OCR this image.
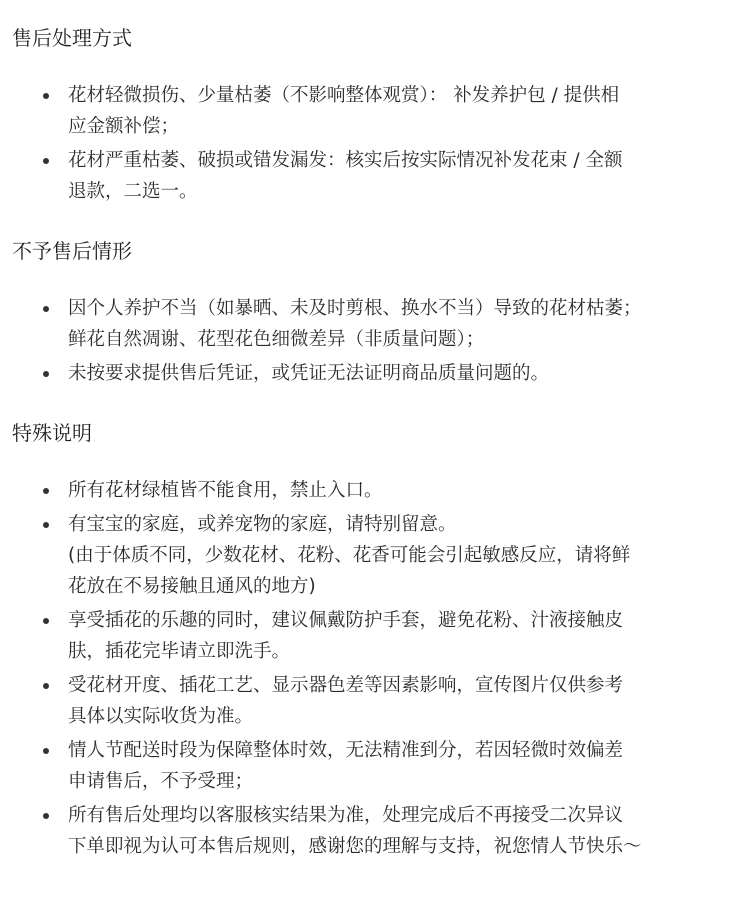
售后处理方式
花材轻微损伤、少量枯萎（不影响整体观赏）： 补发养护包 / 提供相
应金额补偿；
花材严重枯萎、破损或错发漏发：核实后按实际情况补发花束 / 全额
退款，二选一。
不予售后情形
因个人养护不当（如暴晒、未及时剪根、换水不当）导致的花材枯萎；
鲜花自然凋谢、花型花色细微差异（非质量问题）；
未按要求提供售后凭证，或凭证无法证明商品质量问题的。
特殊说明
所有花材绿植皆不能食用，禁止入口。
有宝宝的家庭，或养宠物的家庭，请特别留意。
(由于体质不同，少数花材、花粉、花香可能会引起敏感反应，请将鲜
花放在不易接触且通风的地方)
享受插花的乐趣的同时，建议佩戴防护手套，避免花粉、汁液接触皮
肤，插花完毕请立即洗手。
受花材开度、插花工艺、显示器色差等因素影响，宣传图片仅供参考
具体以实际收货为准。
情人节配送时段为保障整体时效，无法精准到分，若因轻微时效偏差
申请售后，不予受理；
所有售后处理均以客服核实结果为准，处理完成后不再接受二次异议
下单即视为认可本售后规则，感谢您的理解与支持，祝您情人节快乐～
